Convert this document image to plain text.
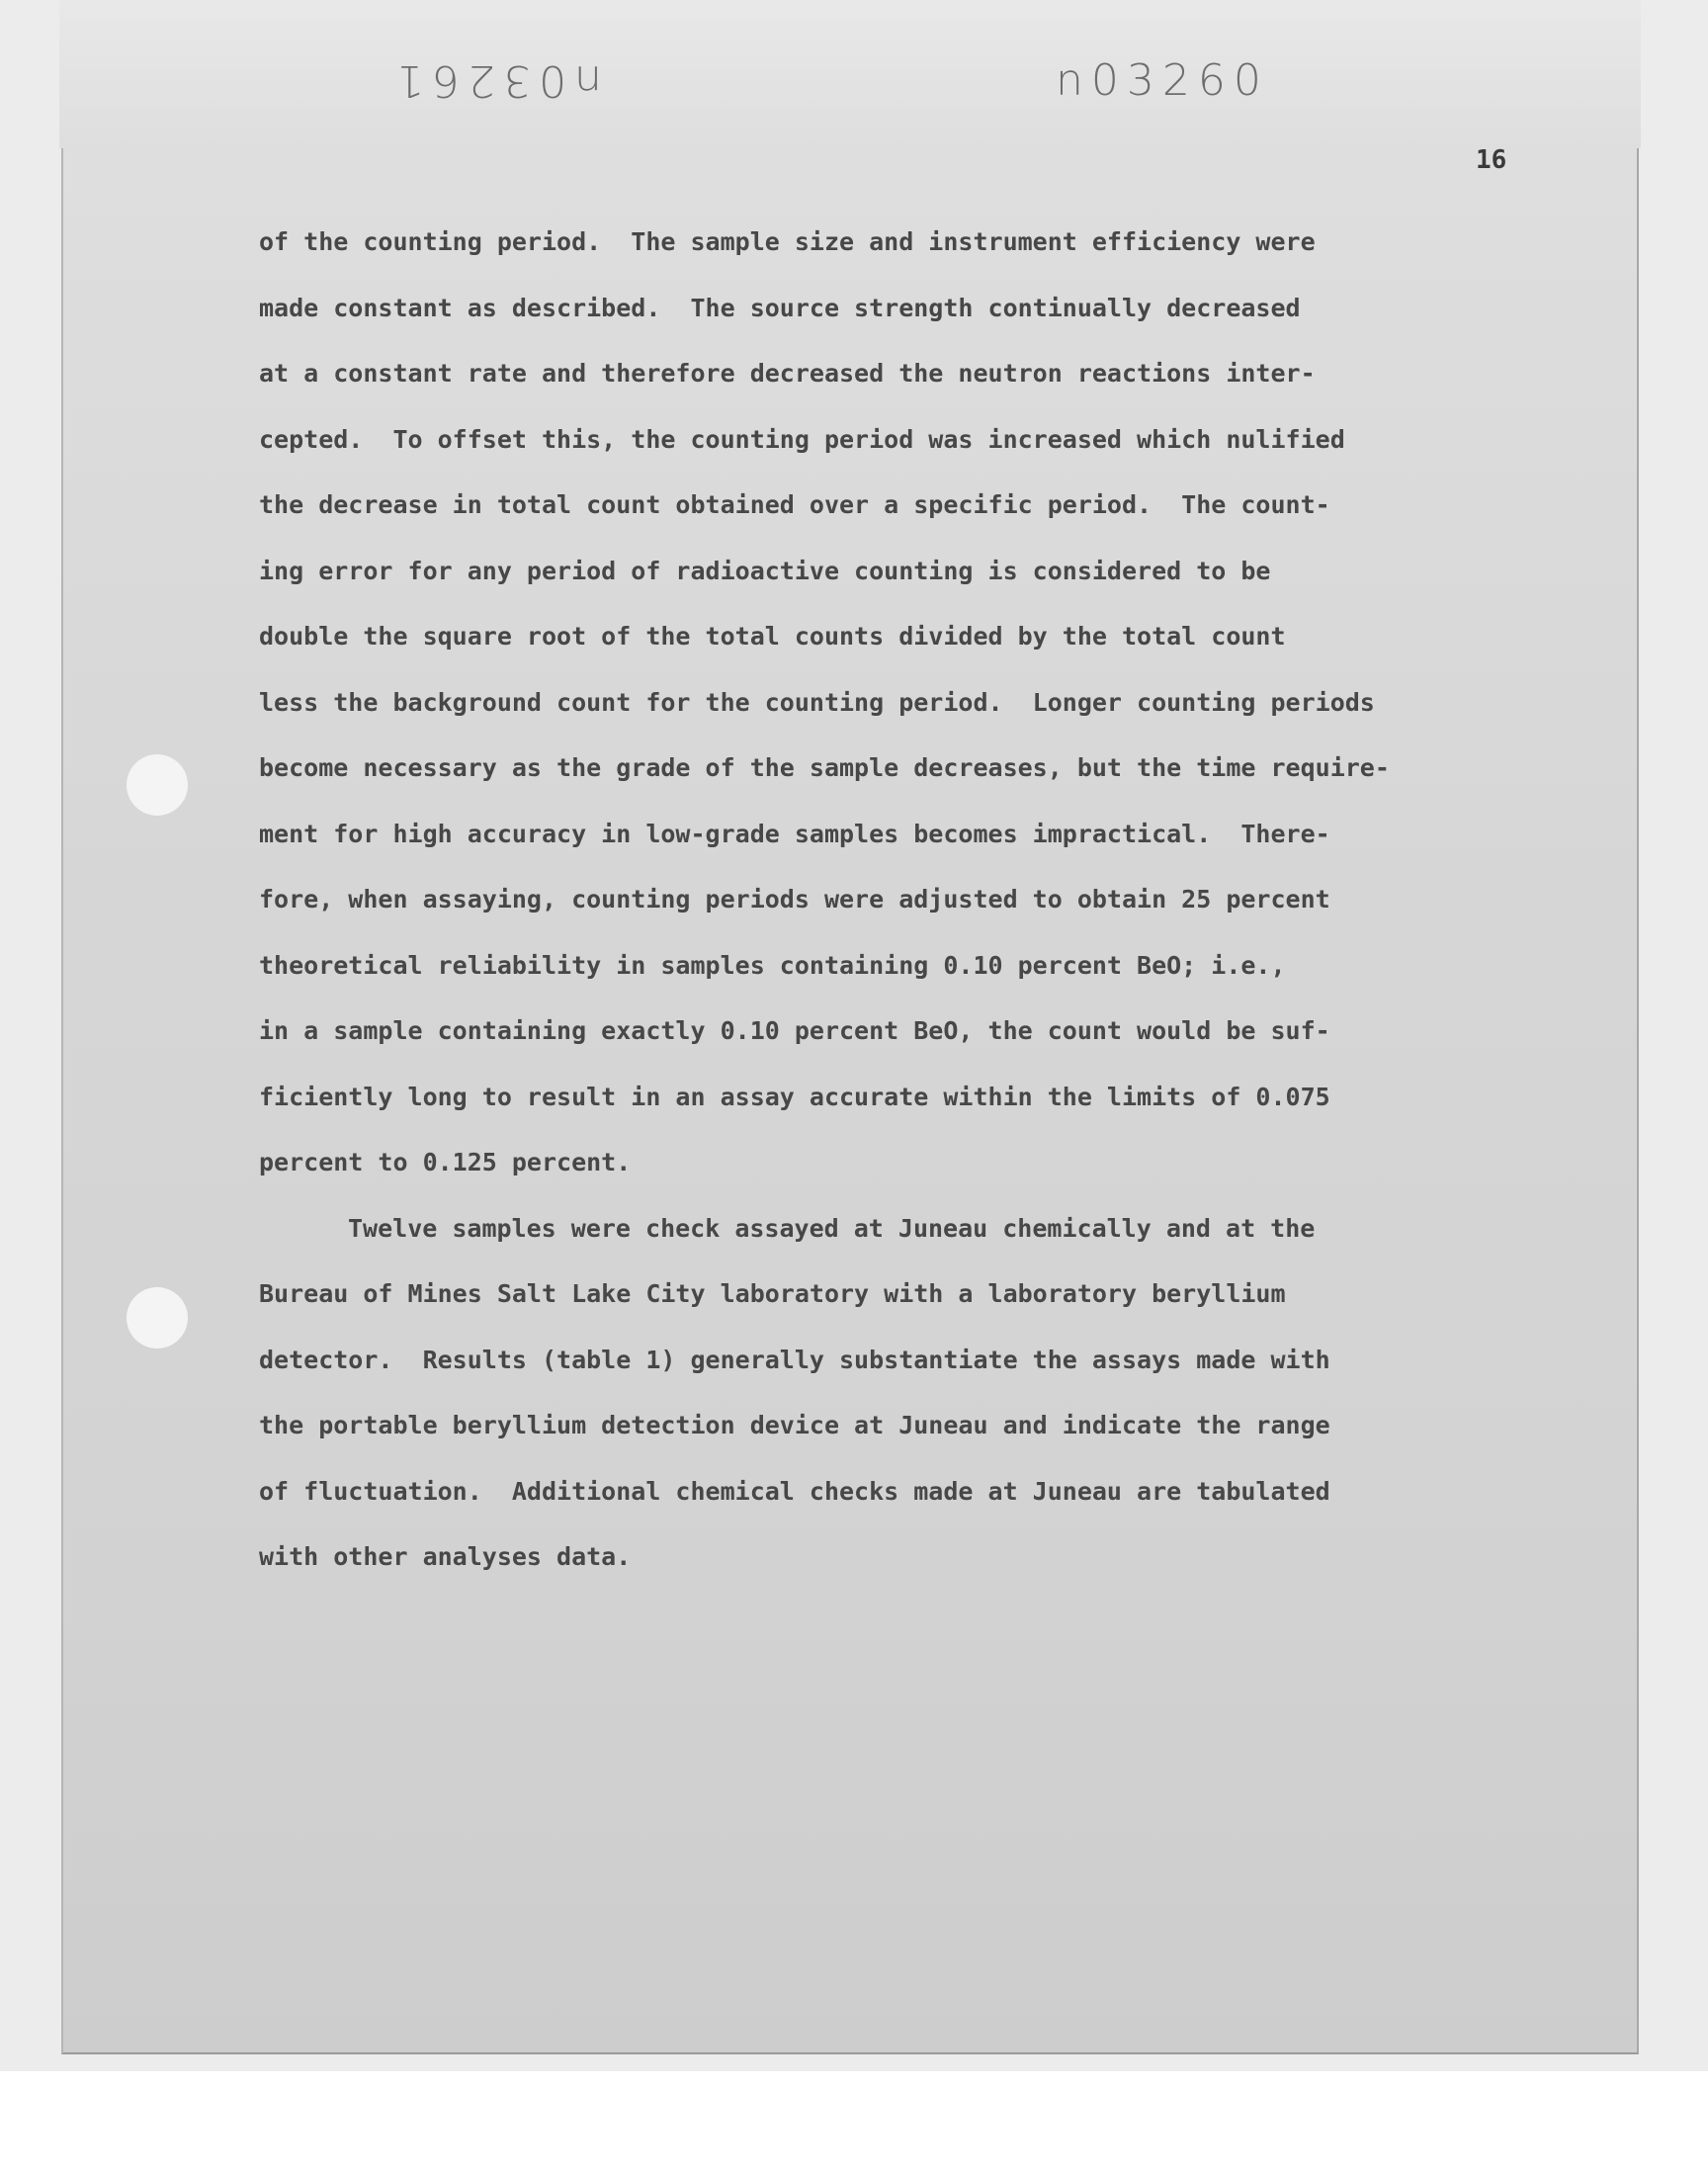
n03261	n03260
16

of the counting period.  The sample size and instrument efficiency were

made constant as described.  The source strength continually decreased

at a constant rate and therefore decreased the neutron reactions inter-

cepted.  To offset this, the counting period was increased which nulified

the decrease in total count obtained over a specific period.  The count-

ing error for any period of radioactive counting is considered to be

double the square root of the total counts divided by the total count

less the background count for the counting period.  Longer counting periods

become necessary as the grade of the sample decreases, but the time require-

ment for high accuracy in low-grade samples becomes impractical.  There-

fore, when assaying, counting periods were adjusted to obtain 25 percent

theoretical reliability in samples containing 0.10 percent BeO; i.e.,

in a sample containing exactly 0.10 percent BeO, the count would be suf-

ficiently long to result in an assay accurate within the limits of 0.075

percent to 0.125 percent.

Twelve samples were check assayed at Juneau chemically and at the

Bureau of Mines Salt Lake City laboratory with a laboratory beryllium

detector.  Results (table 1) generally substantiate the assays made with

the portable beryllium detection device at Juneau and indicate the range

of fluctuation.  Additional chemical checks made at Juneau are tabulated

with other analyses data.
